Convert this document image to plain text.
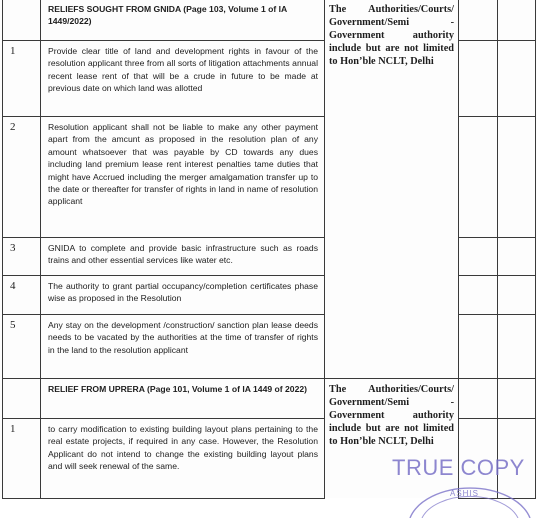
	RELIEFS SOUGHT FROM GNIDA (Page 103, Volume 1 of IA 1449/2022)	The Authorities/Courts/ Government/Semi - Government authority include but are not limited to Hon’ble NCLT, Delhi		

1	Provide clear title of land and development rights in favour of the resolution applicant three from all sorts of litigation attachments annual recent lease rent of that will be a crude in future to be made at previous date on which land was allotted			
2	Resolution applicant shall not be liable to make any other payment apart from the amcunt as proposed in the resolution plan of any amount whatsoever that was payable by CD towards any dues including land premium lease rent interest penalties tame duties that might have Accrued including the merger amalgamation transfer up to the date or thereafter for transfer of rights in land in name of resolution applicant			
3	GNIDA to complete and provide basic infrastructure such as roads trains and other essential services like water etc.			
4	The authority to grant partial occupancy/completion certificates phase wise as proposed in the Resolution			
5	Any stay on the development /construction/ sanction plan lease deeds needs to be vacated by the authorities at the time of transfer of rights in the land to the resolution applicant			
	RELIEF FROM UPRERA (Page 101, Volume 1 of IA 1449 of 2022)	The Authorities/Courts/ Government/Semi - Government authority include but are not limited to Hon’ble NCLT, Delhi		

1	to carry modification to existing building layout plans pertaining to the real estate projects, if required in any case. However, the Resolution Applicant do not intend to change the existing building layout plans and will seek renewal of the same.				TRUE COPY
ASHIS
